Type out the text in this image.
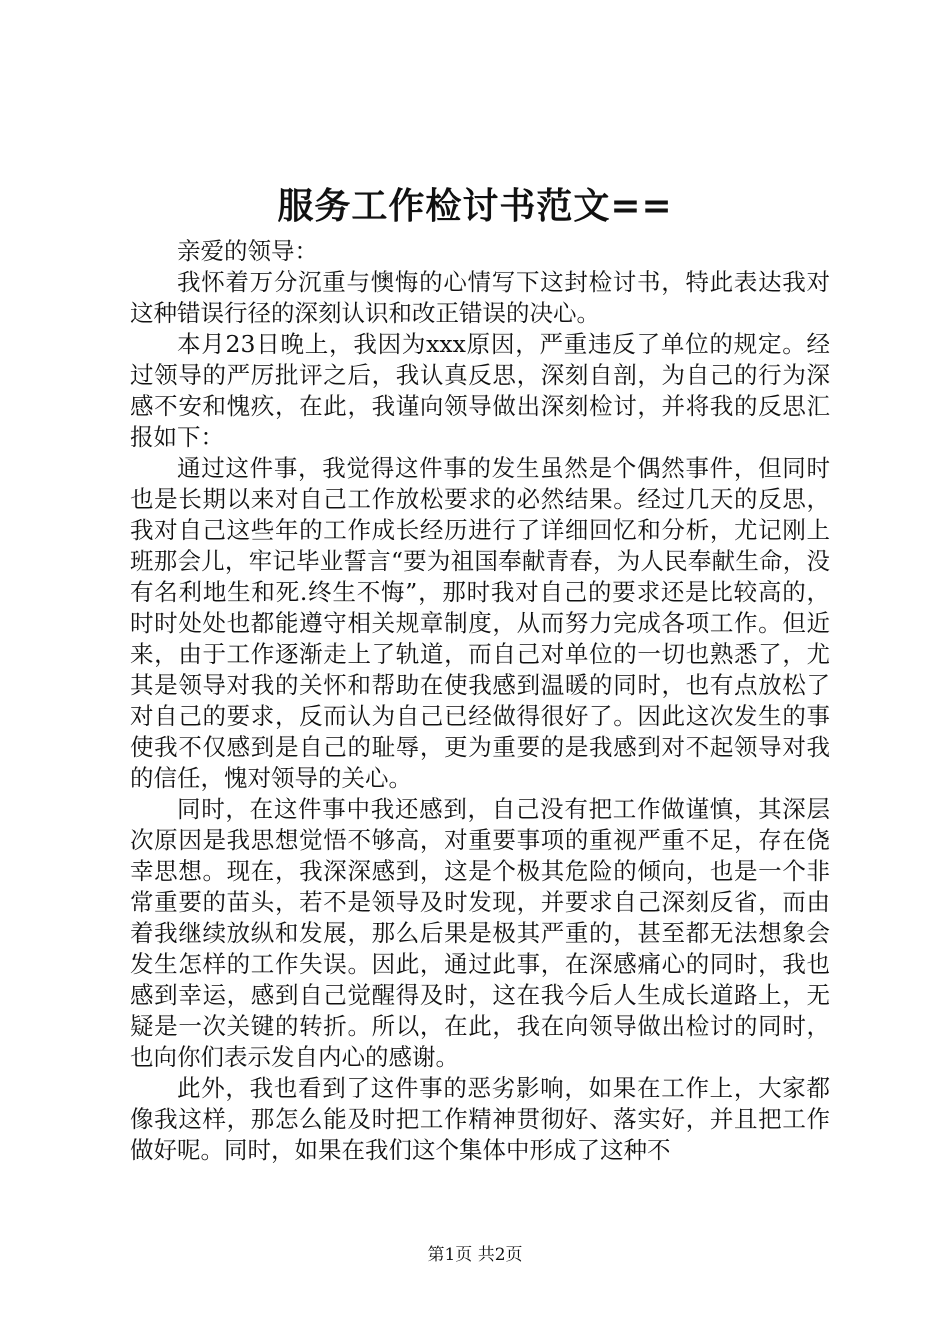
服务工作检讨书范文==

亲爱的领导：

我怀着万分沉重与懊悔的心情写下这封检讨书，特此表达我对这种错误行径的深刻认识和改正错误的决心。

本月23日晚上，我因为xxx原因，严重违反了单位的规定。经过领导的严厉批评之后，我认真反思，深刻自剖，为自己的行为深感不安和愧疚，在此，我谨向领导做出深刻检讨，并将我的反思汇报如下：

通过这件事，我觉得这件事的发生虽然是个偶然事件，但同时也是长期以来对自己工作放松要求的必然结果。经过几天的反思，我对自己这些年的工作成长经历进行了详细回忆和分析，尤记刚上班那会儿，牢记毕业誓言“要为祖国奉献青春，为人民奉献生命，没有名利地生和死.终生不悔”，那时我对自己的要求还是比较高的，时时处处也都能遵守相关规章制度，从而努力完成各项工作。但近来，由于工作逐渐走上了轨道，而自己对单位的一切也熟悉了，尤其是领导对我的关怀和帮助在使我感到温暖的同时，也有点放松了对自己的要求，反而认为自己已经做得很好了。因此这次发生的事使我不仅感到是自己的耻辱，更为重要的是我感到对不起领导对我的信任，愧对领导的关心。

同时，在这件事中我还感到，自己没有把工作做谨慎，其深层次原因是我思想觉悟不够高，对重要事项的重视严重不足，存在侥幸思想。现在，我深深感到，这是个极其危险的倾向，也是一个非常重要的苗头，若不是领导及时发现，并要求自己深刻反省，而由着我继续放纵和发展，那么后果是极其严重的，甚至都无法想象会发生怎样的工作失误。因此，通过此事，在深感痛心的同时，我也感到幸运，感到自己觉醒得及时，这在我今后人生成长道路上，无疑是一次关键的转折。所以，在此，我在向领导做出检讨的同时，也向你们表示发自内心的感谢。

此外，我也看到了这件事的恶劣影响，如果在工作上，大家都像我这样，那怎么能及时把工作精神贯彻好、落实好，并且把工作做好呢。同时，如果在我们这个集体中形成了这种不

第1页 共2页
